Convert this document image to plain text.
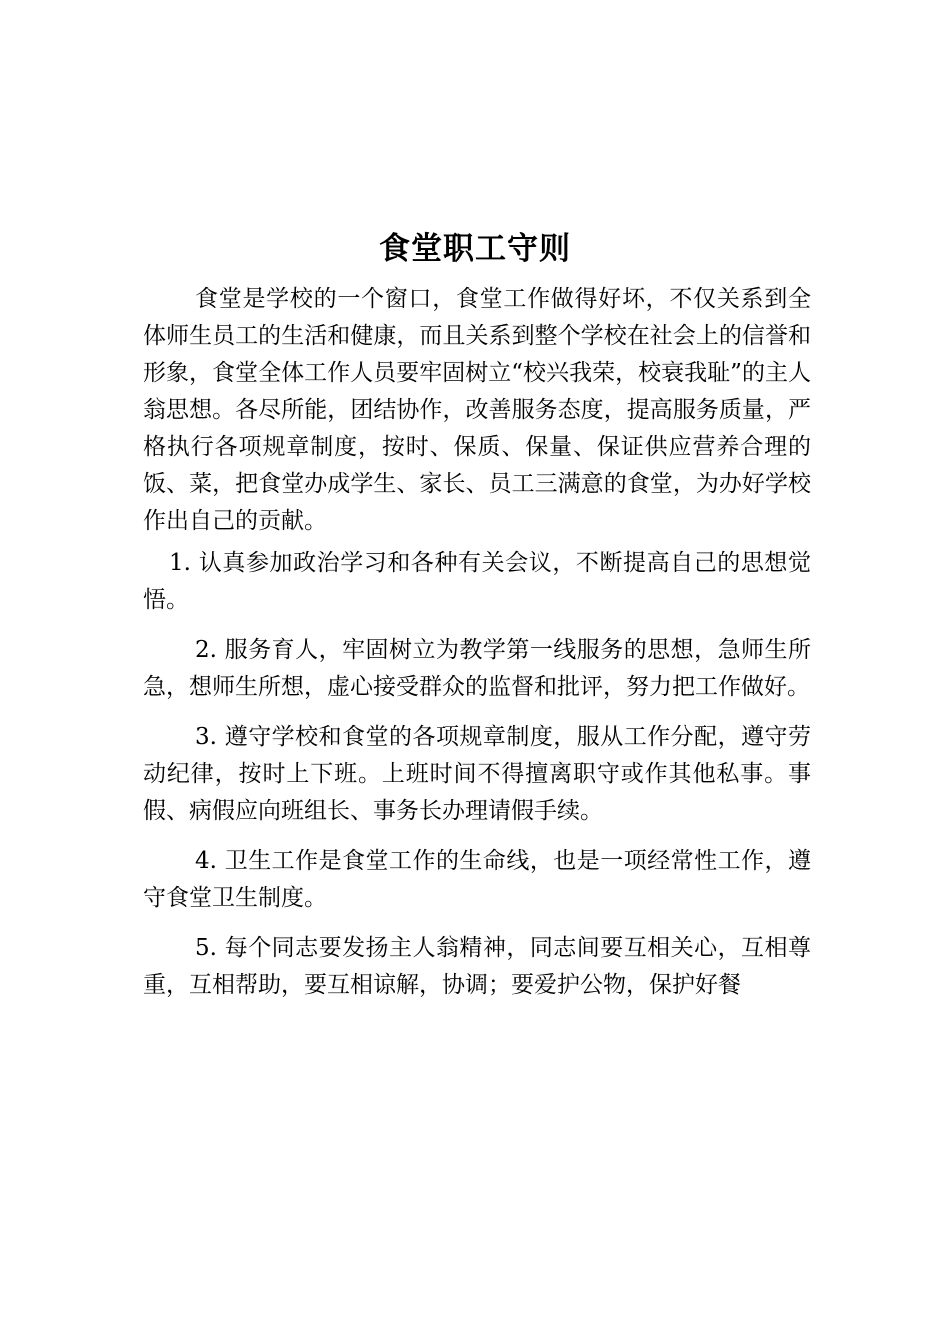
食堂职工守则

食堂是学校的一个窗口，食堂工作做得好坏，不仅关系到全体师生员工的生活和健康，而且关系到整个学校在社会上的信誉和形象，食堂全体工作人员要牢固树立“校兴我荣，校衰我耻”的主人翁思想。各尽所能，团结协作，改善服务态度，提高服务质量，严格执行各项规章制度，按时、保质、保量、保证供应营养合理的饭、菜，把食堂办成学生、家长、员工三满意的食堂，为办好学校作出自己的贡献。

1. 认真参加政治学习和各种有关会议，不断提高自己的思想觉悟。

2. 服务育人，牢固树立为教学第一线服务的思想，急师生所急，想师生所想，虚心接受群众的监督和批评，努力把工作做好。

3. 遵守学校和食堂的各项规章制度，服从工作分配，遵守劳动纪律，按时上下班。上班时间不得擅离职守或作其他私事。事假、病假应向班组长、事务长办理请假手续。

4. 卫生工作是食堂工作的生命线，也是一项经常性工作，遵守食堂卫生制度。

5. 每个同志要发扬主人翁精神，同志间要互相关心，互相尊重，互相帮助，要互相谅解，协调；要爱护公物，保护好餐
